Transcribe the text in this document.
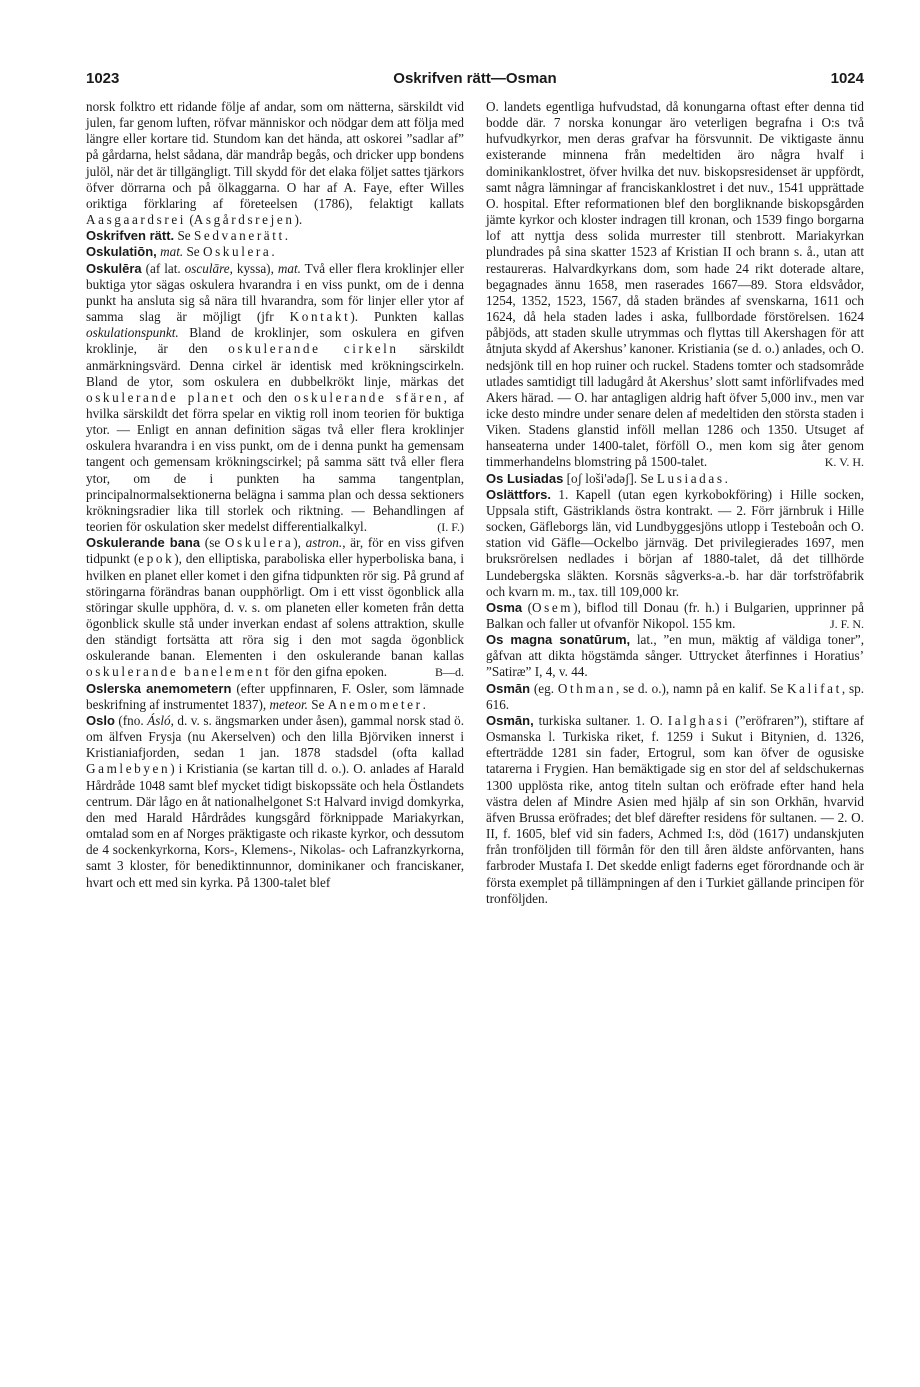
1023	Oskrifven rätt—Osman	1024

norsk folktro ett ridande följe af andar, som om nätterna, särskildt vid julen, far genom luften, röfvar människor och nödgar dem att följa med längre eller kortare tid. Stundom kan det hända, att oskorei ”sadlar af” på gårdarna, helst sådana, där mandråp begås, och dricker upp bondens julöl, när det är tillgängligt. Till skydd för det elaka följet sattes tjärkors öfver dörrarna och på ölkaggarna. O har af A. Faye, efter Willes oriktiga förklaring af företeelsen (1786), felaktigt kallats Aasgaardsrei (Asgårdsrejen).

Oskrifven rätt. Se Sedvanerätt.

Oskulatiōn, mat. Se Oskulera.

Oskulēra (af lat. osculāre, kyssa), mat. Två eller flera kroklinjer eller buktiga ytor sägas oskulera hvarandra i en viss punkt, om de i denna punkt ha ansluta sig så nära till hvarandra, som för linjer eller ytor af samma slag är möjligt (jfr Kontakt). Punkten kallas oskulationspunkt. Bland de kroklinjer, som oskulera en gifven kroklinje, är den oskulerande cirkeln särskildt anmärkningsvärd. Denna cirkel är identisk med krökningscirkeln. Bland de ytor, som oskulera en dubbelkrökt linje, märkas det oskulerande planet och den oskulerande sfären, af hvilka särskildt det förra spelar en viktig roll inom teorien för buktiga ytor. — Enligt en annan definition sägas två eller flera kroklinjer oskulera hvarandra i en viss punkt, om de i denna punkt ha gemensam tangent och gemensam krökningscirkel; på samma sätt två eller flera ytor, om de i punkten ha samma tangentplan, principalnormalsektionerna belägna i samma plan och dessa sektioners krökningsradier lika till storlek och riktning. — Behandlingen af teorien för oskulation sker medelst differentialkalkyl.	(I. F.)

Oskulerande bana (se Oskulera), astron., är, för en viss gifven tidpunkt (epok), den elliptiska, paraboliska eller hyperboliska bana, i hvilken en planet eller komet i den gifna tidpunkten rör sig. På grund af störingarna förändras banan oupphörligt. Om i ett visst ögonblick alla störingar skulle upphöra, d. v. s. om planeten eller kometen från detta ögonblick skulle stå under inverkan endast af solens attraktion, skulle den ständigt fortsätta att röra sig i den mot sagda ögonblick oskulerande banan. Elementen i den oskulerande banan kallas oskulerande banelement för den gifna epoken.	B—d.

Oslerska anemometern (efter uppfinnaren, F. Osler, som lämnade beskrifning af instrumentet 1837), meteor. Se Anemometer.

Oslo (fno. Ásló, d. v. s. ängsmarken under åsen), gammal norsk stad ö. om älfven Frysja (nu Akerselven) och den lilla Björviken innerst i Kristianiafjorden, sedan 1 jan. 1878 stadsdel (ofta kallad Gamlebyen) i Kristiania (se kartan till d. o.). O. anlades af Harald Hårdråde 1048 samt blef mycket tidigt biskopssäte och hela Östlandets centrum. Där lågo en åt nationalhelgonet S:t Halvard invigd domkyrka, den med Harald Hårdrådes kungsgård förknippade Mariakyrkan, omtalad som en af Norges präktigaste och rikaste kyrkor, och dessutom de 4 sockenkyrkorna, Kors-, Klemens-, Nikolas- och Lafranzkyrkorna, samt 3 kloster, för benediktinnunnor, dominikaner och franciskaner, hvart och ett med sin kyrka. På 1300-talet blef

O. landets egentliga hufvudstad, då konungarna oftast efter denna tid bodde där. 7 norska konungar äro veterligen begrafna i O:s två hufvudkyrkor, men deras grafvar ha försvunnit. De viktigaste ännu existerande minnena från medeltiden äro några hvalf i dominikanklostret, öfver hvilka det nuv. biskopsresidenset är uppfördt, samt några lämningar af franciskanklostret i det nuv., 1541 upprättade O. hospital. Efter reformationen blef den borgliknande biskopsgården jämte kyrkor och kloster indragen till kronan, och 1539 fingo borgarna lof att nyttja dess solida murrester till stenbrott. Mariakyrkan plundrades på sina skatter 1523 af Kristian II och brann s. å., utan att restaureras. Halvardkyrkans dom, som hade 24 rikt doterade altare, begagnades ännu 1658, men raserades 1667—89. Stora eldsvådor, 1254, 1352, 1523, 1567, då staden brändes af svenskarna, 1611 och 1624, då hela staden lades i aska, fullbordade förstörelsen. 1624 påbjöds, att staden skulle utrymmas och flyttas till Akershagen för att åtnjuta skydd af Akershus’ kanoner. Kristiania (se d. o.) anlades, och O. nedsjönk till en hop ruiner och ruckel. Stadens tomter och stadsområde utlades samtidigt till ladugård åt Akershus’ slott samt införlifvades med Akers härad. — O. har antagligen aldrig haft öfver 5,000 inv., men var icke desto mindre under senare delen af medeltiden den största staden i Viken. Stadens glanstid inföll mellan 1286 och 1350. Utsuget af hanseaterna under 1400-talet, förföll O., men kom sig åter genom timmerhandelns blomstring på 1500-talet.	K. V. H.

Os Lusiadas [oʃ loši'ədəʃ]. Se Lusiadas.

Oslättfors. 1. Kapell (utan egen kyrkobokföring) i Hille socken, Uppsala stift, Gästriklands östra kontrakt. — 2. Förr järnbruk i Hille socken, Gäfleborgs län, vid Lundbyggesjöns utlopp i Testeboån och O. station vid Gäfle—Ockelbo järnväg. Det privilegierades 1697, men bruksrörelsen nedlades i början af 1880-talet, då det tillhörde Lundebergska släkten. Korsnäs sågverks-a.-b. har där torfströfabrik och kvarn m. m., tax. till 109,000 kr.

Osma (Osem), biflod till Donau (fr. h.) i Bulgarien, upprinner på Balkan och faller ut ofvanför Nikopol. 155 km.	J. F. N.

Os magna sonatūrum, lat., ”en mun, mäktig af väldiga toner”, gåfvan att dikta högstämda sånger. Uttrycket återfinnes i Horatius’ ”Satiræ” I, 4, v. 44.

Osmān (eg. Othman, se d. o.), namn på en kalif. Se Kalifat, sp. 616.

Osmān, turkiska sultaner. 1. O. Ialghasi (”eröfraren”), stiftare af Osmanska l. Turkiska riket, f. 1259 i Sukut i Bitynien, d. 1326, efterträdde 1281 sin fader, Ertogrul, som kan öfver de ogusiske tatarerna i Frygien. Han bemäktigade sig en stor del af seldschukernas 1300 upplösta rike, antog titeln sultan och eröfrade efter hand hela västra delen af Mindre Asien med hjälp af sin son Orkhān, hvarvid äfven Brussa eröfrades; det blef därefter residens för sultanen. — 2. O. II, f. 1605, blef vid sin faders, Achmed I:s, död (1617) undanskjuten från tronföljden till förmån för den till åren äldste anförvanten, hans farbroder Mustafa I. Det skedde enligt faderns eget förordnande och är första exemplet på tillämpningen af den i Turkiet gällande principen för tronföljden.
